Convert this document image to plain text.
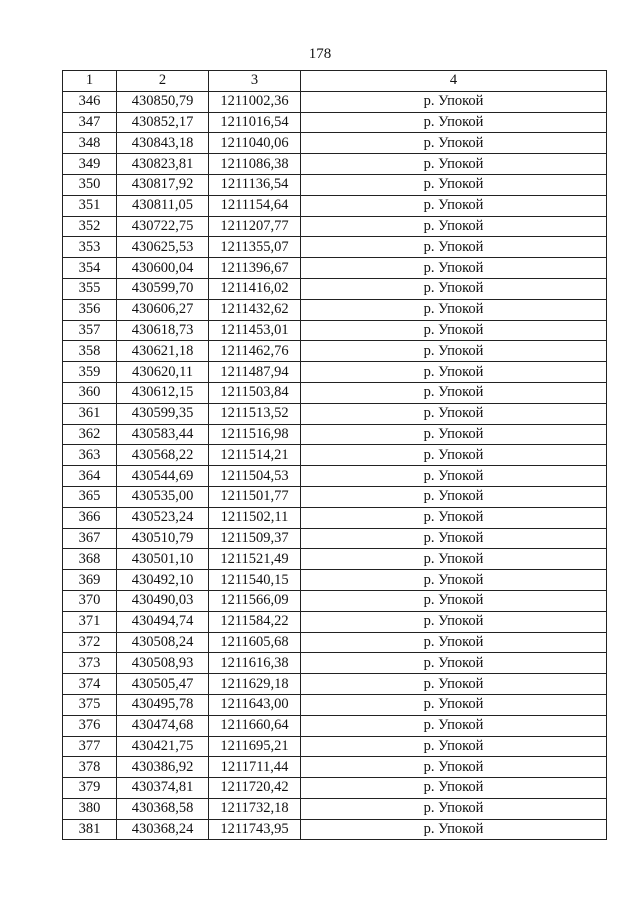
178
1	2	3	4
346	430850,79	1211002,36	р. Упокой
347	430852,17	1211016,54	р. Упокой
348	430843,18	1211040,06	р. Упокой
349	430823,81	1211086,38	р. Упокой
350	430817,92	1211136,54	р. Упокой
351	430811,05	1211154,64	р. Упокой
352	430722,75	1211207,77	р. Упокой
353	430625,53	1211355,07	р. Упокой
354	430600,04	1211396,67	р. Упокой
355	430599,70	1211416,02	р. Упокой
356	430606,27	1211432,62	р. Упокой
357	430618,73	1211453,01	р. Упокой
358	430621,18	1211462,76	р. Упокой
359	430620,11	1211487,94	р. Упокой
360	430612,15	1211503,84	р. Упокой
361	430599,35	1211513,52	р. Упокой
362	430583,44	1211516,98	р. Упокой
363	430568,22	1211514,21	р. Упокой
364	430544,69	1211504,53	р. Упокой
365	430535,00	1211501,77	р. Упокой
366	430523,24	1211502,11	р. Упокой
367	430510,79	1211509,37	р. Упокой
368	430501,10	1211521,49	р. Упокой
369	430492,10	1211540,15	р. Упокой
370	430490,03	1211566,09	р. Упокой
371	430494,74	1211584,22	р. Упокой
372	430508,24	1211605,68	р. Упокой
373	430508,93	1211616,38	р. Упокой
374	430505,47	1211629,18	р. Упокой
375	430495,78	1211643,00	р. Упокой
376	430474,68	1211660,64	р. Упокой
377	430421,75	1211695,21	р. Упокой
378	430386,92	1211711,44	р. Упокой
379	430374,81	1211720,42	р. Упокой
380	430368,58	1211732,18	р. Упокой
381	430368,24	1211743,95	р. Упокой
